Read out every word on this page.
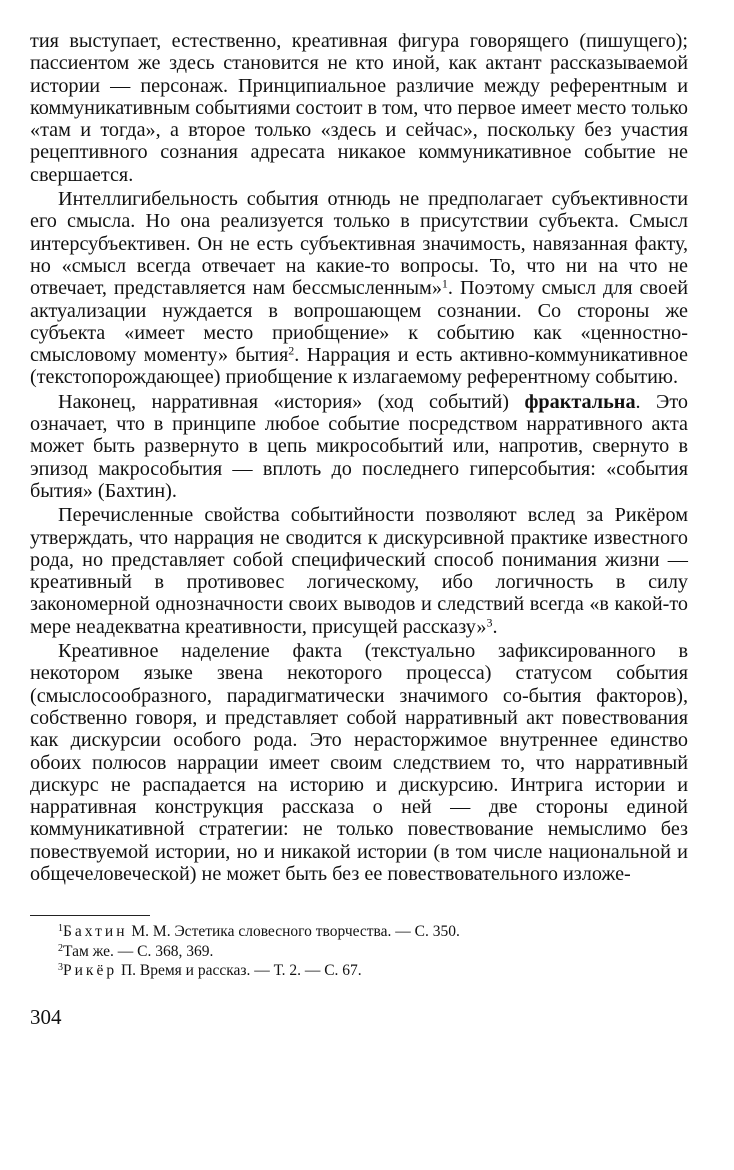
тия выступает, естественно, креативная фигура говорящего (пишущего); пассиентом же здесь становится не кто иной, как актант рассказываемой истории — персонаж. Принципиальное различие между референтным и коммуникативным событиями состоит в том, что первое имеет место только «там и тогда», а второе только «здесь и сейчас», поскольку без участия рецептивного сознания адресата никакое коммуникативное событие не свершается.

Интеллигибельность события отнюдь не предполагает субъективности его смысла. Но она реализуется только в присутствии субъекта. Смысл интерсубъективен. Он не есть субъективная значимость, навязанная факту, но «смысл всегда отвечает на какие-то вопросы. То, что ни на что не отвечает, представляется нам бессмысленным»$^1$. Поэтому смысл для своей актуализации нуждается в вопрошающем сознании. Со стороны же субъекта «имеет место приобщение» к событию как «ценностно-смысловому моменту» бытия$^2$. Наррация и есть активно-коммуникативное (текстопорождающее) приобщение к излагаемому референтному событию.

Наконец, нарративная «история» (ход событий) фрактальна. Это означает, что в принципе любое событие посредством нарративного акта может быть развернуто в цепь микрособытий или, напротив, свернуто в эпизод макрособытия — вплоть до последнего гиперсобытия: «события бытия» (Бахтин).

Перечисленные свойства событийности позволяют вслед за Рикёром утверждать, что наррация не сводится к дискурсивной практике известного рода, но представляет собой специфический способ понимания жизни — креативный в противовес логическому, ибо логичность в силу закономерной однозначности своих выводов и следствий всегда «в какой-то мере неадекватна креативности, присущей рассказу»$^3$.

Креативное наделение факта (текстуально зафиксированного в некотором языке звена некоторого процесса) статусом события (смыслосообразного, парадигматически значимого со-бытия факторов), собственно говоря, и представляет собой нарративный акт повествования как дискурсии особого рода. Это нерасторжимое внутреннее единство обоих полюсов наррации имеет своим следствием то, что нарративный дискурс не распадается на историю и дискурсию. Интрига истории и нарративная конструкция рассказа о ней — две стороны единой коммуникативной стратегии: не только повествование немыслимо без повествуемой истории, но и никакой истории (в том числе национальной и общечеловеческой) не может быть без ее повествовательного изложе-

$^1$Бахтин М. М. Эстетика словесного творчества. — С. 350.

$^2$Там же. — С. 368, 369.

$^3$Рикёр П. Время и рассказ. — Т. 2. — С. 67.

304
